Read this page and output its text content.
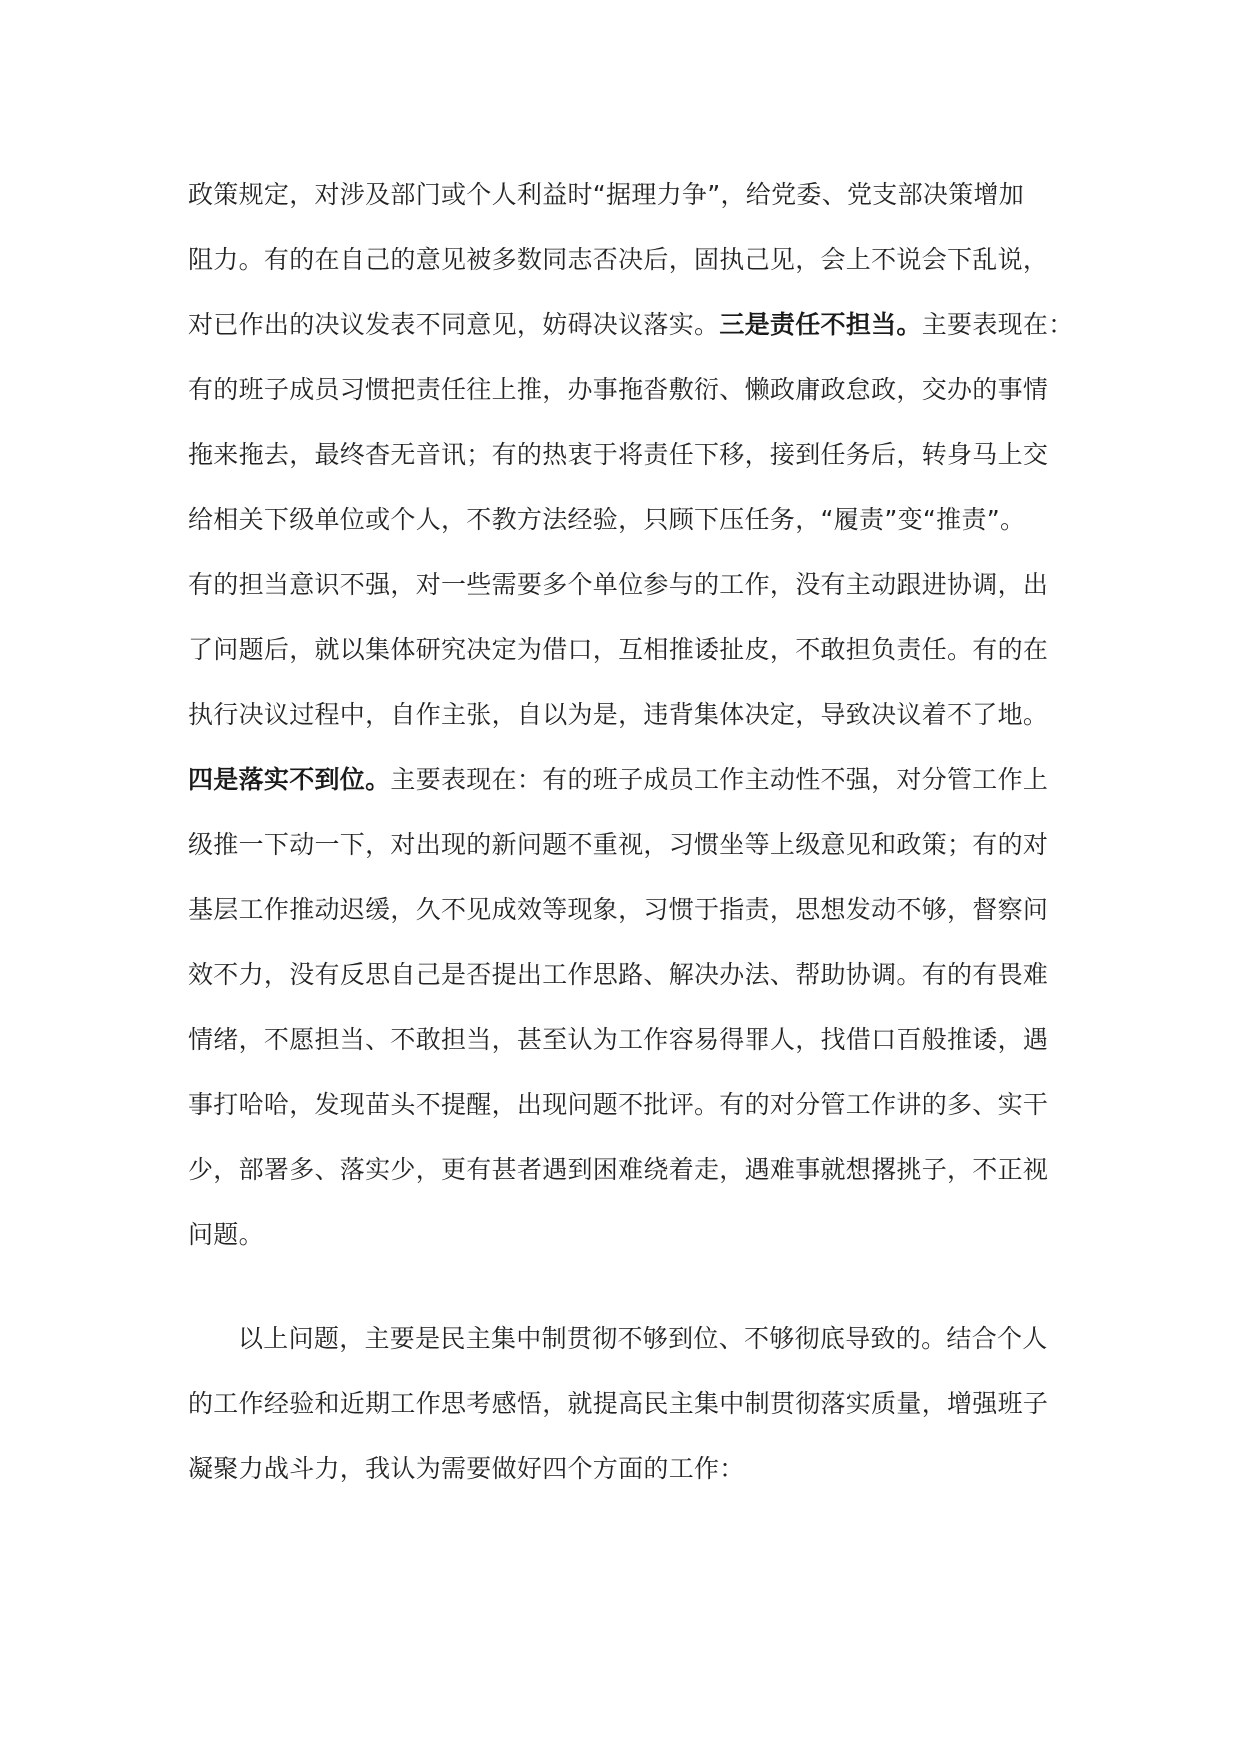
政策规定，对涉及部门或个人利益时“据理力争”，给党委、党支部决策增加
阻力。有的在自己的意见被多数同志否决后，固执己见，会上不说会下乱说，
对已作出的决议发表不同意见，妨碍决议落实。三是责任不担当。主要表现在：
有的班子成员习惯把责任往上推，办事拖沓敷衍、懒政庸政怠政，交办的事情
拖来拖去，最终杳无音讯；有的热衷于将责任下移，接到任务后，转身马上交
给相关下级单位或个人，不教方法经验，只顾下压任务，“履责”变“推责”。
有的担当意识不强，对一些需要多个单位参与的工作，没有主动跟进协调，出
了问题后，就以集体研究决定为借口，互相推诿扯皮，不敢担负责任。有的在
执行决议过程中，自作主张，自以为是，违背集体决定，导致决议着不了地。
四是落实不到位。主要表现在：有的班子成员工作主动性不强，对分管工作上
级推一下动一下，对出现的新问题不重视，习惯坐等上级意见和政策；有的对
基层工作推动迟缓，久不见成效等现象，习惯于指责，思想发动不够，督察问
效不力，没有反思自己是否提出工作思路、解决办法、帮助协调。有的有畏难
情绪，不愿担当、不敢担当，甚至认为工作容易得罪人，找借口百般推诿，遇
事打哈哈，发现苗头不提醒，出现问题不批评。有的对分管工作讲的多、实干
少，部署多、落实少，更有甚者遇到困难绕着走，遇难事就想撂挑子，不正视
问题。
以上问题，主要是民主集中制贯彻不够到位、不够彻底导致的。结合个人
的工作经验和近期工作思考感悟，就提高民主集中制贯彻落实质量，增强班子
凝聚力战斗力，我认为需要做好四个方面的工作：
